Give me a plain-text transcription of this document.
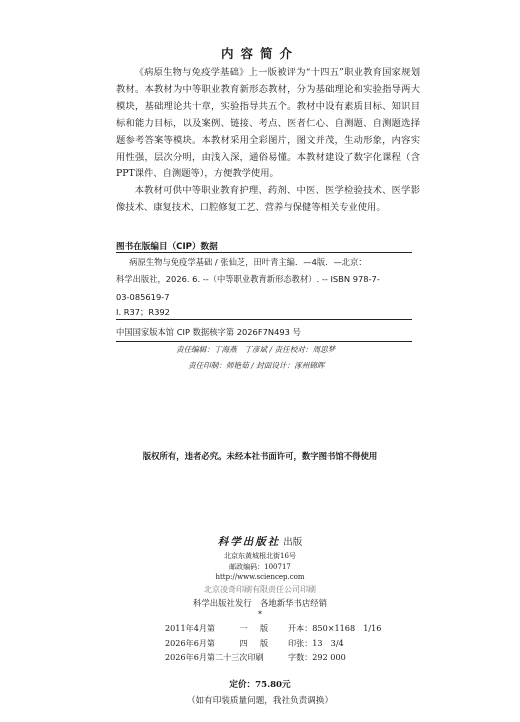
内容简介

《病原生物与免疫学基础》上一版被评为“十四五”职业教育国家规划教材。本教材为中等职业教育新形态教材，分为基础理论和实验指导两大模块，基础理论共十章，实验指导共五个。教材中设有素质目标、知识目标和能力目标，以及案例、链接、考点、医者仁心、自测题、自测题选择题参考答案等模块。本教材采用全彩图片，图文并茂，生动形象，内容实用性强，层次分明，由浅入深，通俗易懂。本教材建设了数字化课程（含PPT课件、自测题等），方便教学使用。

本教材可供中等职业教育护理、药剂、中医、医学检验技术、医学影像技术、康复技术、口腔修复工艺、营养与保健等相关专业使用。

图书在版编目（CIP）数据
病原生物与免疫学基础 / 张仙芝，田叶青主编．—4版．—北京：
科学出版社，2026. 6. --（中等职业教育新形态教材）. -- ISBN 978-7-
03-085619-7
Ⅰ. R37；R392
中国国家版本馆 CIP 数据核字第 2026F7N493 号
责任编辑：丁海燕　丁彦斌 / 责任校对：周思梦
责任印制：师艳茹 / 封面设计：涿州锦晖
版权所有，违者必究。未经本社书面许可，数字图书馆不得使用
科学出版社 出版
北京东黄城根北街16号
邮政编码：100717
http://www.sciencep.com
北京凌奇印刷有限责任公司印刷
科学出版社发行　各地新华书店经销
*
2011年4月第	一	版	开本：850×1168　1/16
2026年6月第	四	版	印张：13　3/4
2026年6月第二十三次印刷			字数：292 000
定价：75.80元
（如有印装质量问题，我社负责调换）
